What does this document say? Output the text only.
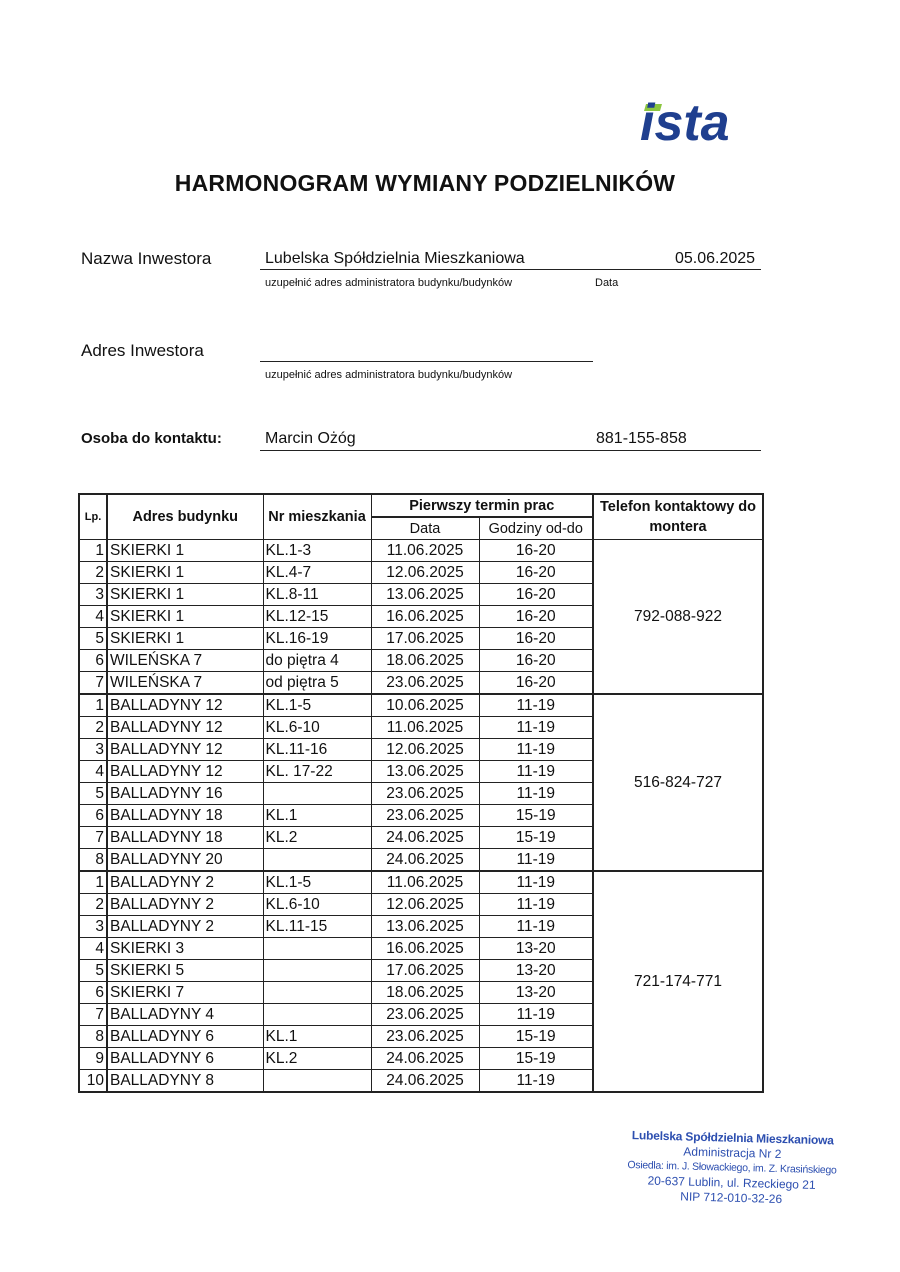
ista
HARMONOGRAM WYMIANY PODZIELNIKÓW
Nazwa Inwestora	Lubelska Spółdzielnia Mieszkaniowa	05.06.2025
uzupełnić adres administratora budynku/budynków	Data
Adres Inwestora
uzupełnić adres administratora budynku/budynków
Osoba do kontaktu:	Marcin Ożóg	881-155-858
Lp.	Adres budynku	Nr mieszkania	Pierwszy termin prac		Telefon kontaktowy do montera
			Data	Godziny od-do	
1	SKIERKI 1	KL.1-3	11.06.2025	16-20	792-088-922
2	SKIERKI 1	KL.4-7	12.06.2025	16-20	
3	SKIERKI 1	KL.8-11	13.06.2025	16-20	
4	SKIERKI 1	KL.12-15	16.06.2025	16-20	
5	SKIERKI 1	KL.16-19	17.06.2025	16-20	
6	WILEŃSKA 7	do piętra 4	18.06.2025	16-20	
7	WILEŃSKA 7	od piętra 5	23.06.2025	16-20	
1	BALLADYNY 12	KL.1-5	10.06.2025	11-19	516-824-727
2	BALLADYNY 12	KL.6-10	11.06.2025	11-19	
3	BALLADYNY 12	KL.11-16	12.06.2025	11-19	
4	BALLADYNY 12	KL. 17-22	13.06.2025	11-19	
5	BALLADYNY 16		23.06.2025	11-19	
6	BALLADYNY 18	KL.1	23.06.2025	15-19	
7	BALLADYNY 18	KL.2	24.06.2025	15-19	
8	BALLADYNY 20		24.06.2025	11-19	
1	BALLADYNY 2	KL.1-5	11.06.2025	11-19	721-174-771
2	BALLADYNY 2	KL.6-10	12.06.2025	11-19	
3	BALLADYNY 2	KL.11-15	13.06.2025	11-19	
4	SKIERKI 3		16.06.2025	13-20	
5	SKIERKI 5		17.06.2025	13-20	
6	SKIERKI 7		18.06.2025	13-20	
7	BALLADYNY 4		23.06.2025	11-19	
8	BALLADYNY 6	KL.1	23.06.2025	15-19	
9	BALLADYNY 6	KL.2	24.06.2025	15-19	
10	BALLADYNY 8		24.06.2025	11-19	
Lubelska Spółdzielnia Mieszkaniowa
Administracja Nr 2
Osiedla: im. J. Słowackiego, im. Z. Krasińskiego
20-637 Lublin, ul. Rzeckiego 21
NIP 712-010-32-26
